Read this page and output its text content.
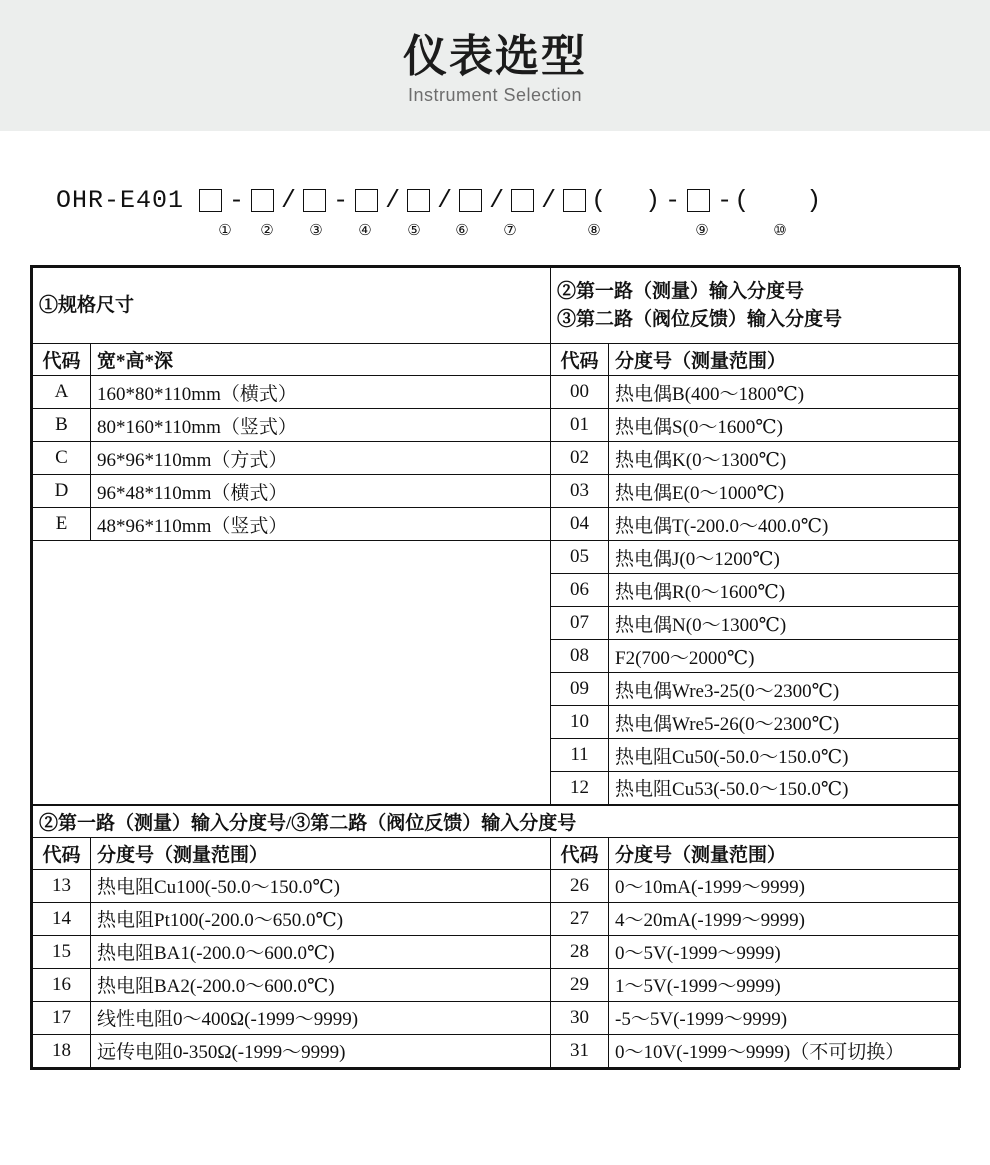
仪表选型
Instrument Selection
OHR-E401 - / - / / / / (  ) - - (   )
①	②	③	④	⑤	⑥	⑦	⑧	⑨	⑩
①规格尺寸		②第一路（测量）输入分度号
③第二路（阀位反馈）输入分度号	

代码	宽*高*深	代码	分度号（测量范围）
A	160*80*110mm（横式）	00	热电偶B(400～1800℃)
B	80*160*110mm（竖式）	01	热电偶S(0～1600℃)
C	96*96*110mm（方式）	02	热电偶K(0～1300℃)
D	96*48*110mm（横式）	03	热电偶E(0～1000℃)
E	48*96*110mm（竖式）	04	热电偶T(-200.0～400.0℃)
		05	热电偶J(0～1200℃)
		06	热电偶R(0～1600℃)
		07	热电偶N(0～1300℃)
		08	F2(700～2000℃)
		09	热电偶Wre3-25(0～2300℃)
		10	热电偶Wre5-26(0～2300℃)
		11	热电阻Cu50(-50.0～150.0℃)
		12	热电阻Cu53(-50.0～150.0℃)
②第一路（测量）输入分度号/③第二路（阀位反馈）输入分度号			
代码	分度号（测量范围）	代码	分度号（测量范围）
13	热电阻Cu100(-50.0～150.0℃)	26	0～10mA(-1999～9999)
14	热电阻Pt100(-200.0～650.0℃)	27	4～20mA(-1999～9999)
15	热电阻BA1(-200.0～600.0℃)	28	0～5V(-1999～9999)
16	热电阻BA2(-200.0～600.0℃)	29	1～5V(-1999～9999)
17	线性电阻0～400Ω(-1999～9999)	30	-5～5V(-1999～9999)
18	远传电阻0-350Ω(-1999～9999)	31	0～10V(-1999～9999)（不可切换）
